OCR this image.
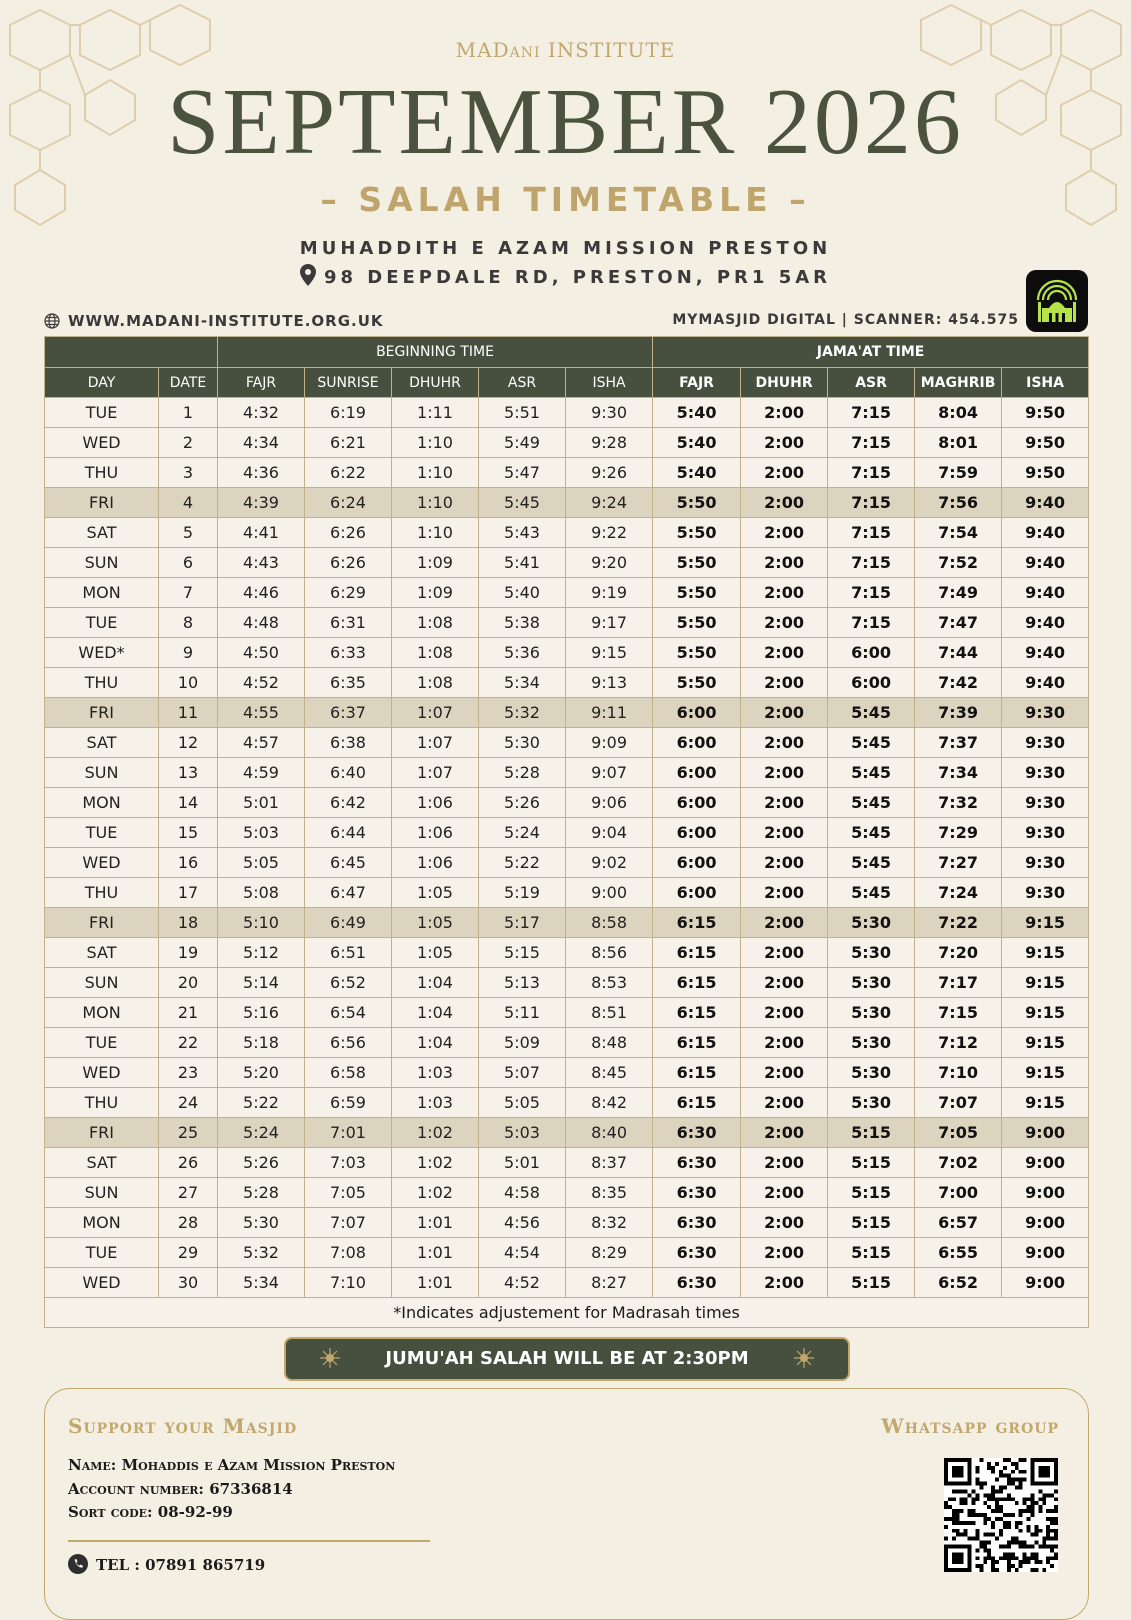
MADani INSTITUTE
SEPTEMBER 2026
– SALAH TIMETABLE –
MUHADDITH E AZAM MISSION PRESTON
98 DEEPDALE RD, PRESTON, PR1 5AR
WWW.MADANI-INSTITUTE.ORG.UK	MYMASJID DIGITAL | SCANNER: 454.575
		BEGINNING TIME					JAMA'AT TIME				
DAY	DATE	FAJR	SUNRISE	DHUHR	ASR	ISHA	FAJR	DHUHR	ASR	MAGHRIB	ISHA
TUE	1	4:32	6:19	1:11	5:51	9:30	5:40	2:00	7:15	8:04	9:50
WED	2	4:34	6:21	1:10	5:49	9:28	5:40	2:00	7:15	8:01	9:50
THU	3	4:36	6:22	1:10	5:47	9:26	5:40	2:00	7:15	7:59	9:50
FRI	4	4:39	6:24	1:10	5:45	9:24	5:50	2:00	7:15	7:56	9:40
SAT	5	4:41	6:26	1:10	5:43	9:22	5:50	2:00	7:15	7:54	9:40
SUN	6	4:43	6:26	1:09	5:41	9:20	5:50	2:00	7:15	7:52	9:40
MON	7	4:46	6:29	1:09	5:40	9:19	5:50	2:00	7:15	7:49	9:40
TUE	8	4:48	6:31	1:08	5:38	9:17	5:50	2:00	7:15	7:47	9:40
WED*	9	4:50	6:33	1:08	5:36	9:15	5:50	2:00	6:00	7:44	9:40
THU	10	4:52	6:35	1:08	5:34	9:13	5:50	2:00	6:00	7:42	9:40
FRI	11	4:55	6:37	1:07	5:32	9:11	6:00	2:00	5:45	7:39	9:30
SAT	12	4:57	6:38	1:07	5:30	9:09	6:00	2:00	5:45	7:37	9:30
SUN	13	4:59	6:40	1:07	5:28	9:07	6:00	2:00	5:45	7:34	9:30
MON	14	5:01	6:42	1:06	5:26	9:06	6:00	2:00	5:45	7:32	9:30
TUE	15	5:03	6:44	1:06	5:24	9:04	6:00	2:00	5:45	7:29	9:30
WED	16	5:05	6:45	1:06	5:22	9:02	6:00	2:00	5:45	7:27	9:30
THU	17	5:08	6:47	1:05	5:19	9:00	6:00	2:00	5:45	7:24	9:30
FRI	18	5:10	6:49	1:05	5:17	8:58	6:15	2:00	5:30	7:22	9:15
SAT	19	5:12	6:51	1:05	5:15	8:56	6:15	2:00	5:30	7:20	9:15
SUN	20	5:14	6:52	1:04	5:13	8:53	6:15	2:00	5:30	7:17	9:15
MON	21	5:16	6:54	1:04	5:11	8:51	6:15	2:00	5:30	7:15	9:15
TUE	22	5:18	6:56	1:04	5:09	8:48	6:15	2:00	5:30	7:12	9:15
WED	23	5:20	6:58	1:03	5:07	8:45	6:15	2:00	5:30	7:10	9:15
THU	24	5:22	6:59	1:03	5:05	8:42	6:15	2:00	5:30	7:07	9:15
FRI	25	5:24	7:01	1:02	5:03	8:40	6:30	2:00	5:15	7:05	9:00
SAT	26	5:26	7:03	1:02	5:01	8:37	6:30	2:00	5:15	7:02	9:00
SUN	27	5:28	7:05	1:02	4:58	8:35	6:30	2:00	5:15	7:00	9:00
MON	28	5:30	7:07	1:01	4:56	8:32	6:30	2:00	5:15	6:57	9:00
TUE	29	5:32	7:08	1:01	4:54	8:29	6:30	2:00	5:15	6:55	9:00
WED	30	5:34	7:10	1:01	4:52	8:27	6:30	2:00	5:15	6:52	9:00
*Indicates adjustement for Madrasah times											
JUMU'AH SALAH WILL BE AT 2:30PM
Support your Masjid	Whatsapp group
Name: Mohaddis e Azam Mission Preston
Account number: 67336814
Sort code: 08-92-99
TEL : 07891 865719
